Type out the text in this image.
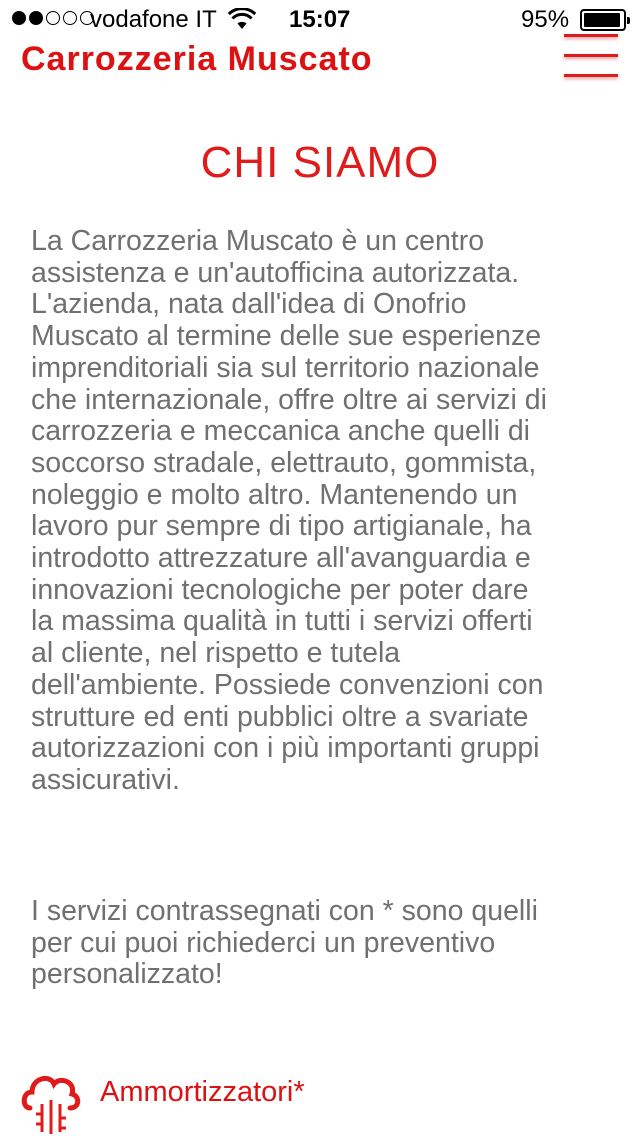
vodafone IT	15:07	95%
Carrozzeria Muscato
CHI SIAMO
La Carrozzeria Muscato è un centro
assistenza e un'autofficina autorizzata.
L'azienda, nata dall'idea di Onofrio
Muscato al termine delle sue esperienze
imprenditoriali sia sul territorio nazionale
che internazionale, offre oltre ai servizi di
carrozzeria e meccanica anche quelli di
soccorso stradale, elettrauto, gommista,
noleggio e molto altro. Mantenendo un
lavoro pur sempre di tipo artigianale, ha
introdotto attrezzature all'avanguardia e
innovazioni tecnologiche per poter dare
la massima qualità in tutti i servizi offerti
al cliente, nel rispetto e tutela
dell'ambiente. Possiede convenzioni con
strutture ed enti pubblici oltre a svariate
autorizzazioni con i più importanti gruppi
assicurativi.
I servizi contrassegnati con * sono quelli
per cui puoi richiederci un preventivo
personalizzato!
Ammortizzatori*
